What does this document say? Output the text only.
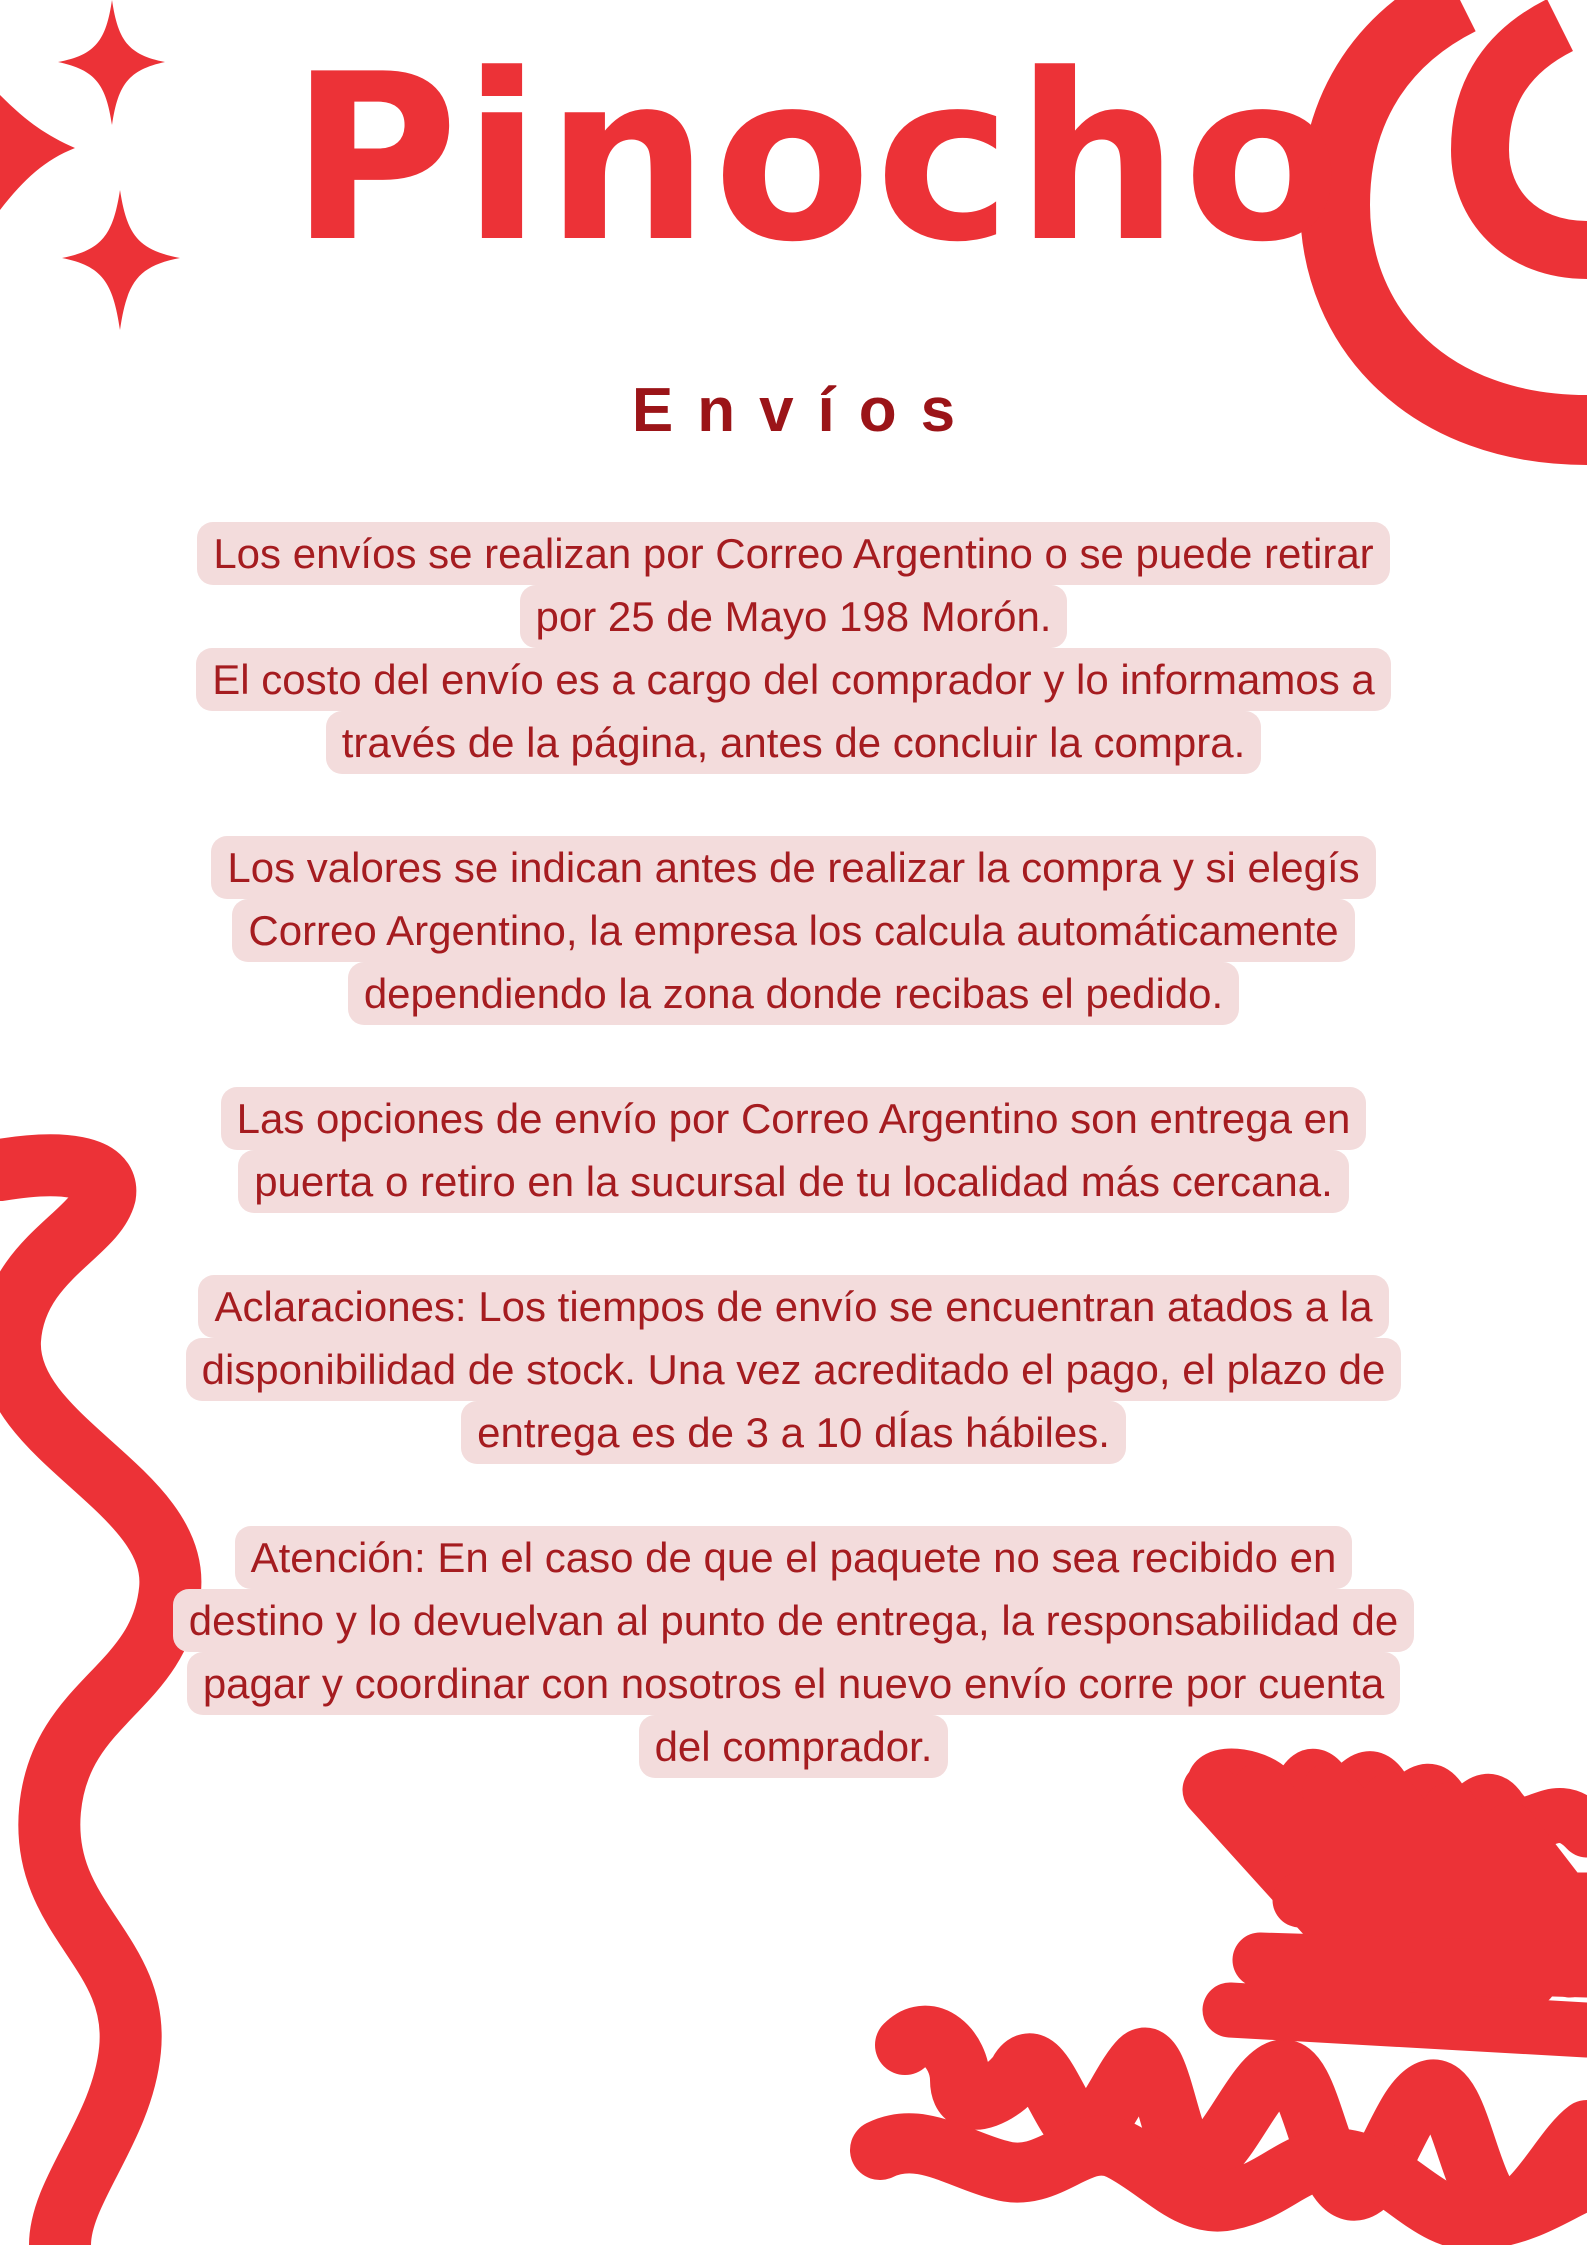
Pinocho
Envíos
Los envíos se realizan por Correo Argentino o se puede retirar
por 25 de Mayo 198 Morón.
El costo del envío es a cargo del comprador y lo informamos a
través de la página, antes de concluir la compra.
Los valores se indican antes de realizar la compra y si elegís
Correo Argentino, la empresa los calcula automáticamente
dependiendo la zona donde recibas el pedido.
Las opciones de envío por Correo Argentino son entrega en
puerta o retiro en la sucursal de tu localidad más cercana.
Aclaraciones: Los tiempos de envío se encuentran atados a la
disponibilidad de stock. Una vez acreditado el pago, el plazo de
entrega es de 3 a 10 dÍas hábiles.
Atención: En el caso de que el paquete no sea recibido en
destino y lo devuelvan al punto de entrega, la responsabilidad de
pagar y coordinar con nosotros el nuevo envío corre por cuenta
del comprador.
